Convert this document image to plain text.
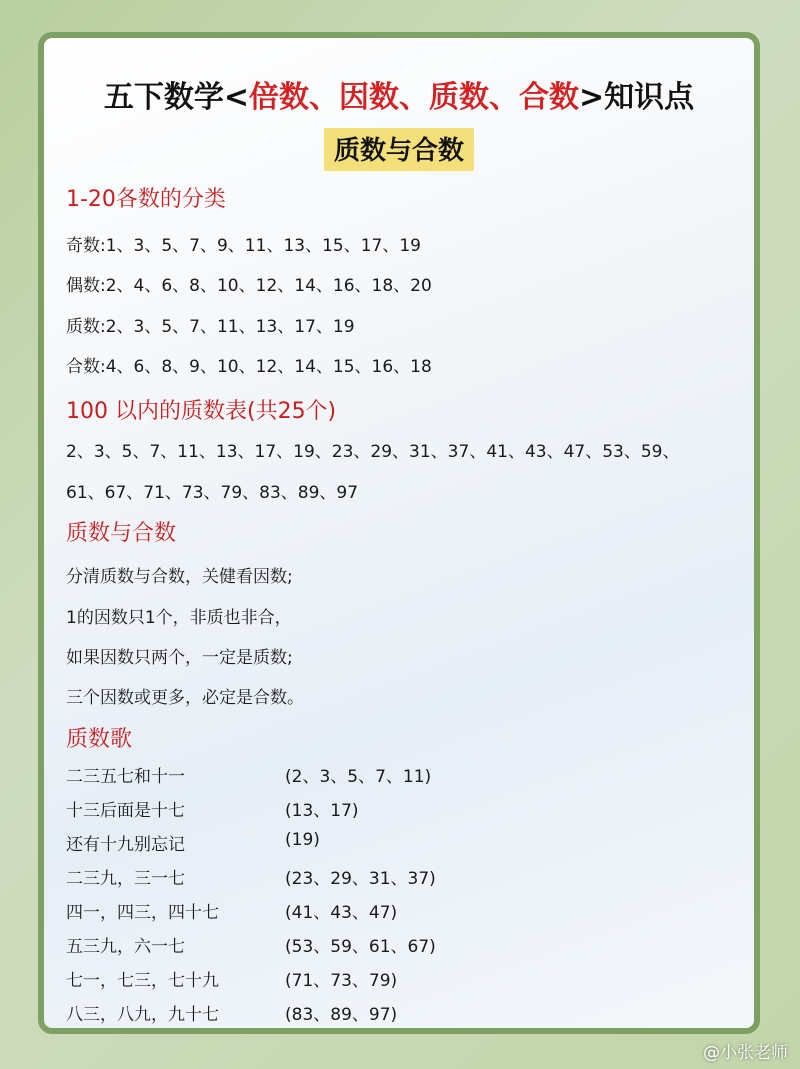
五下数学<倍数、因数、质数、合数>知识点
质数与合数
1-20各数的分类
奇数:1、3、5、7、9、11、13、15、17、19
偶数:2、4、6、8、10、12、14、16、18、20
质数:2、3、5、7、11、13、17、19
合数:4、6、8、9、10、12、14、15、16、18
100 以内的质数表(共25个)
2、3、5、7、11、13、17、19、23、29、31、37、41、43、47、53、59、
61、67、71、73、79、83、89、97
质数与合数
分清质数与合数，关健看因数;
1的因数只1个，非质也非合，
如果因数只两个，一定是质数;
三个因数或更多，必定是合数。
质数歌
二三五七和十一	(2、3、5、7、11)
十三后面是十七	(13、17)
还有十九别忘记	(19)
二三九，三一七	(23、29、31、37)
四一，四三，四十七	(41、43、47)
五三九，六一七	(53、59、61、67)
七一，七三，七十九	(71、73、79)
八三，八九，九十七	(83、89、97)
@小张老师
